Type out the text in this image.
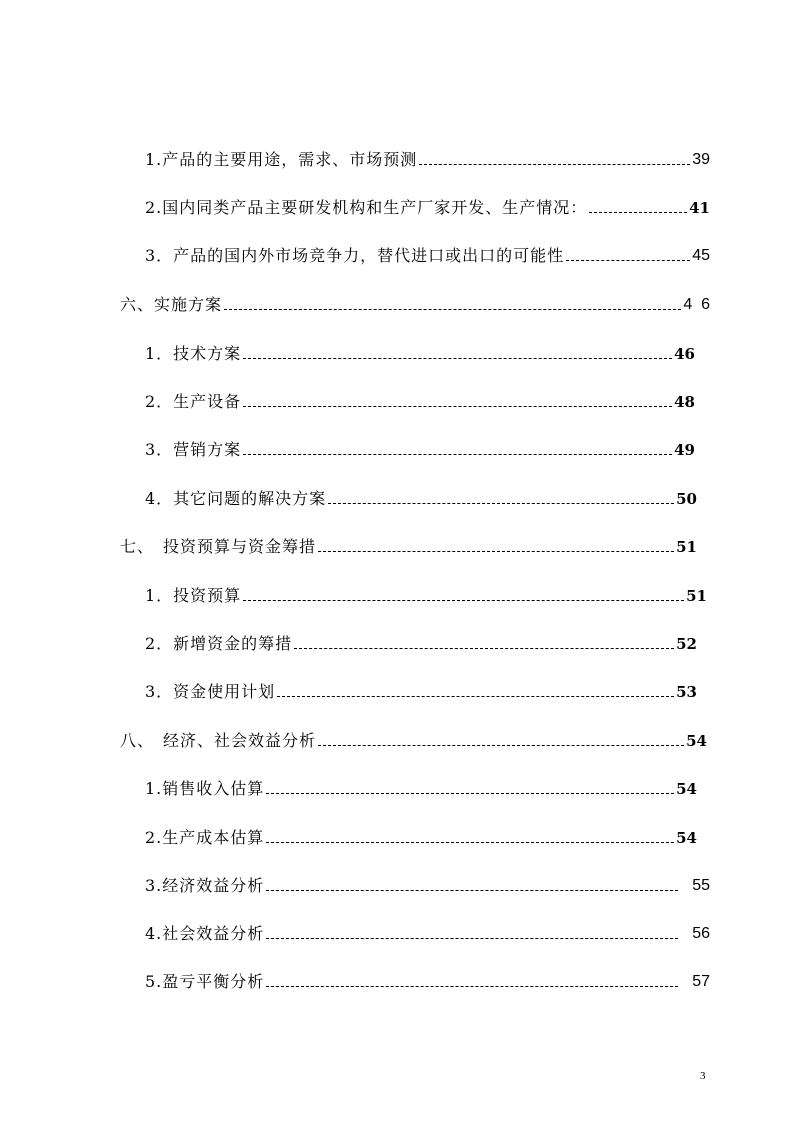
1.产品的主要用途，需求、市场预测	39
2.国内同类产品主要研发机构和生产厂家开发、生产情况：	41
3．产品的国内外市场竞争力，替代进口或出口的可能性	45
六、实施方案	4  6
1．技术方案	46
2．生产设备	48
3．营销方案	49
4．其它问题的解决方案	50
七、　投资预算与资金筹措	51
1．投资预算	51
2．新增资金的筹措	52
3．资金使用计划	53
八、　经济、社会效益分析	54
1.销售收入估算	54
2.生产成本估算	54
3.经济效益分析	55
4.社会效益分析	56
5.盈亏平衡分析	57
3
